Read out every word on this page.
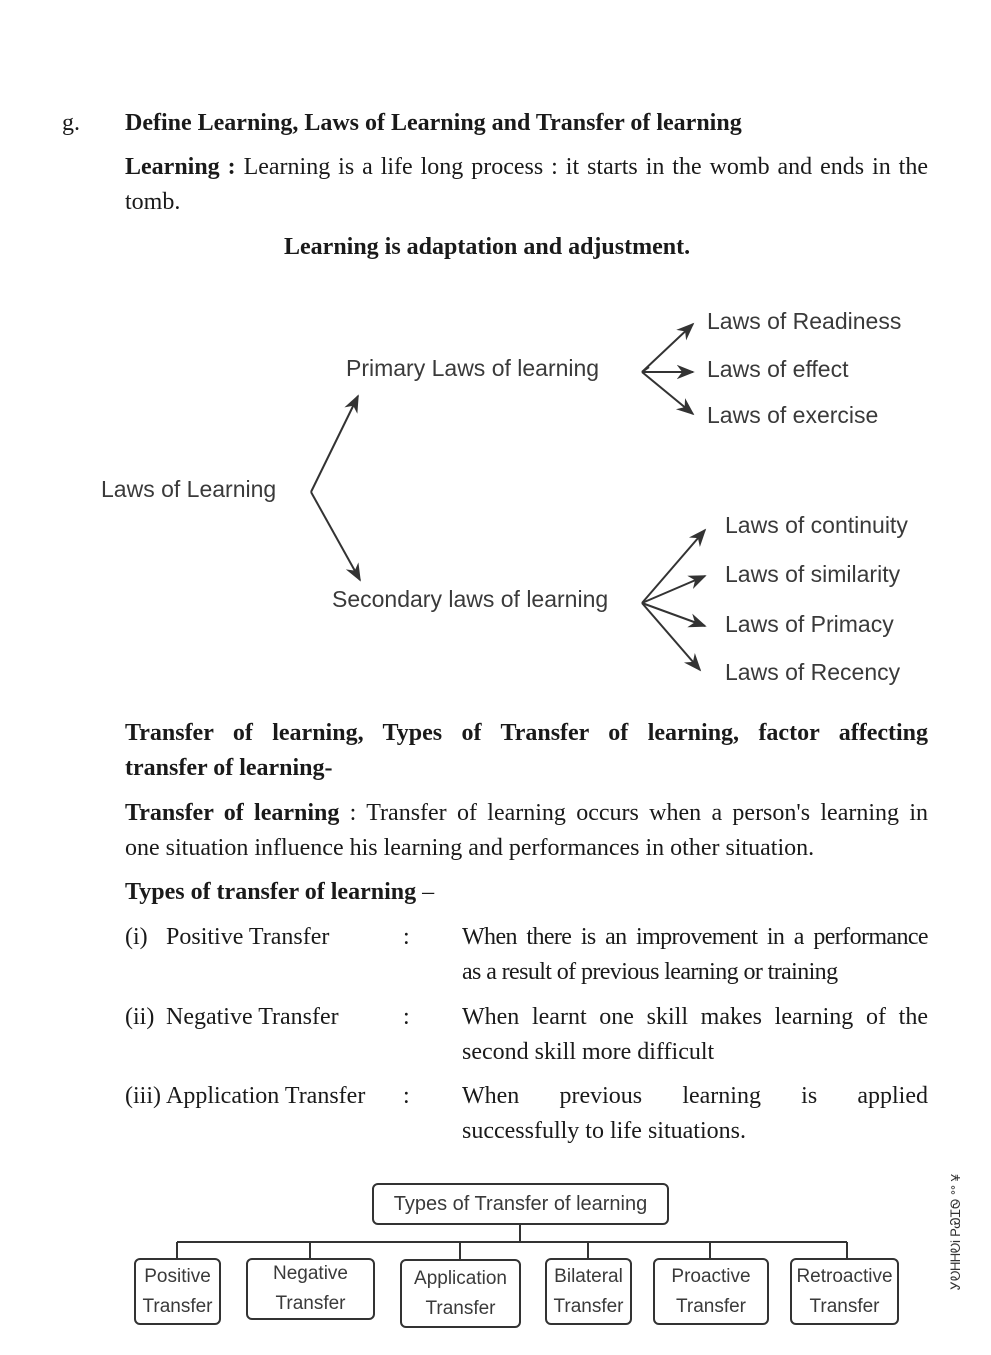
g. Define Learning, Laws of Learning and Transfer of learning
Learning : Learning is a life long process : it starts in the womb and ends in the
tomb.
Learning is adaptation and adjustment.
Laws of Learning
Primary Laws of learning
Secondary laws of learning
Laws of Readiness
Laws of effect
Laws of exercise
Laws of continuity
Laws of similarity
Laws of Primacy
Laws of Recency
Transfer of learning, Types of Transfer of learning, factor affecting
transfer of learning-
Transfer of learning : Transfer of learning occurs when a person's learning in
one situation influence his learning and performances in other situation.
Types of transfer of learning –
(i) Positive Transfer	: When there is an improvement in a performance
as a result of previous learning or training
(ii) Negative Transfer	: When learnt one skill makes learning of the
second skill more difficult
(iii) Application Transfer : When previous learning is applied
successfully to life situations.
Types of Transfer of learning
Positive
Transfer
Negative
Transfer
Application
Transfer
Bilateral
Transfer
Proactive
Transfer
Retroactive
Transfer
ᎩᎧᎻᎻᎧᎥ ᏢᏯᏆᏫ ᐤᐤ ¥
